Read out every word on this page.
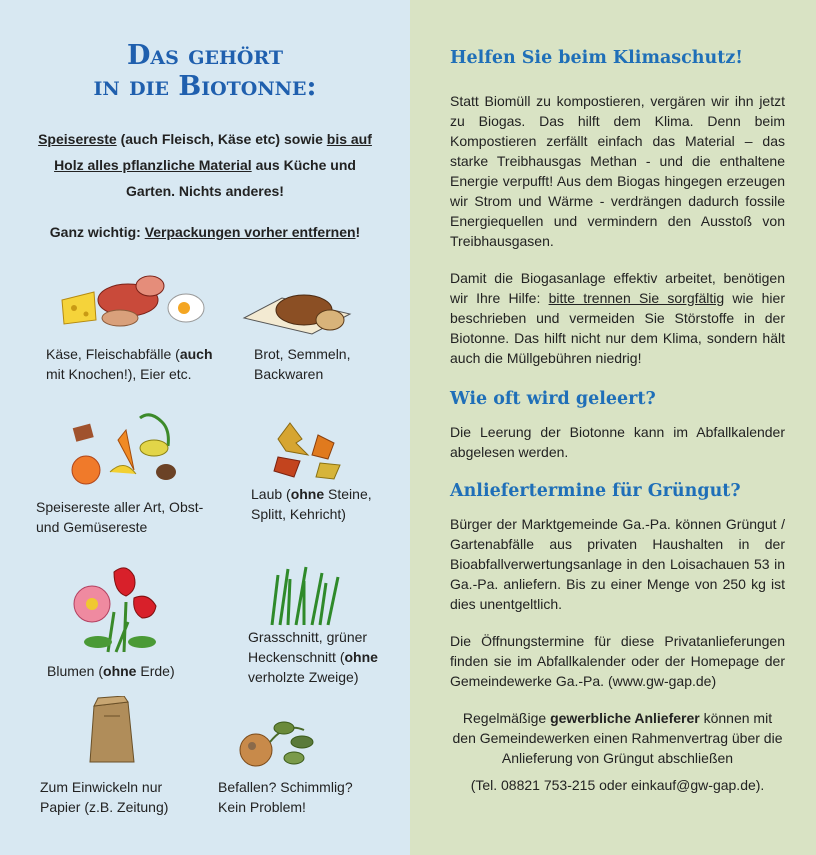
Das gehört
in die Biotonne:
Speisereste (auch Fleisch, Käse etc) sowie bis auf Holz alles pflanzliche Material aus Küche und Garten. Nichts anderes!
Ganz wichtig: Verpackungen vorher entfernen!
Käse, Fleischabfälle (auch
mit Knochen!), Eier etc.
Brot, Semmeln,
Backwaren
Speisereste aller Art, Obst-
und Gemüsereste
Laub (ohne Steine,
Splitt, Kehricht)
Blumen (ohne Erde)
Grasschnitt, grüner
Heckenschnitt (ohne
verholzte Zweige)
Zum Einwickeln nur
Papier (z.B. Zeitung)
Befallen? Schimmlig?
Kein Problem!
Helfen Sie beim Klimaschutz!
Statt Biomüll zu kompostieren, vergären wir ihn jetzt zu Biogas. Das hilft dem Klima. Denn beim Kompostieren zerfällt einfach das Material – das starke Treibhausgas Methan - und die enthaltene Energie verpufft! Aus dem Biogas hingegen erzeugen wir Strom und Wärme - verdrängen dadurch fossile Energiequellen und vermindern den Ausstoß von Treibhausgasen.
Damit die Biogasanlage effektiv arbeitet, benötigen wir Ihre Hilfe: bitte trennen Sie sorgfältig wie hier beschrieben und vermeiden Sie Störstoffe in der Biotonne. Das hilft nicht nur dem Klima, sondern hält auch die Müllgebühren niedrig!
Wie oft wird geleert?
Die Leerung der Biotonne kann im Abfallkalender abgelesen werden.
Anliefertermine für Grüngut?
Bürger der Marktgemeinde Ga.-Pa. können Grüngut / Gartenabfälle aus privaten Haushalten in der Bioabfallverwertungsanlage in den Loisachauen 53 in Ga.-Pa. anliefern. Bis zu einer Menge von 250 kg ist dies unentgeltlich.
Die Öffnungstermine für diese Privatanlieferungen finden sie im Abfallkalender oder der Homepage der Gemeindewerke Ga.-Pa. (www.gw-gap.de)
Regelmäßige gewerbliche Anlieferer können mit den Gemeindewerken einen Rahmenvertrag über die Anlieferung von Grüngut abschließen
(Tel. 08821 753-215 oder einkauf@gw-gap.de).
